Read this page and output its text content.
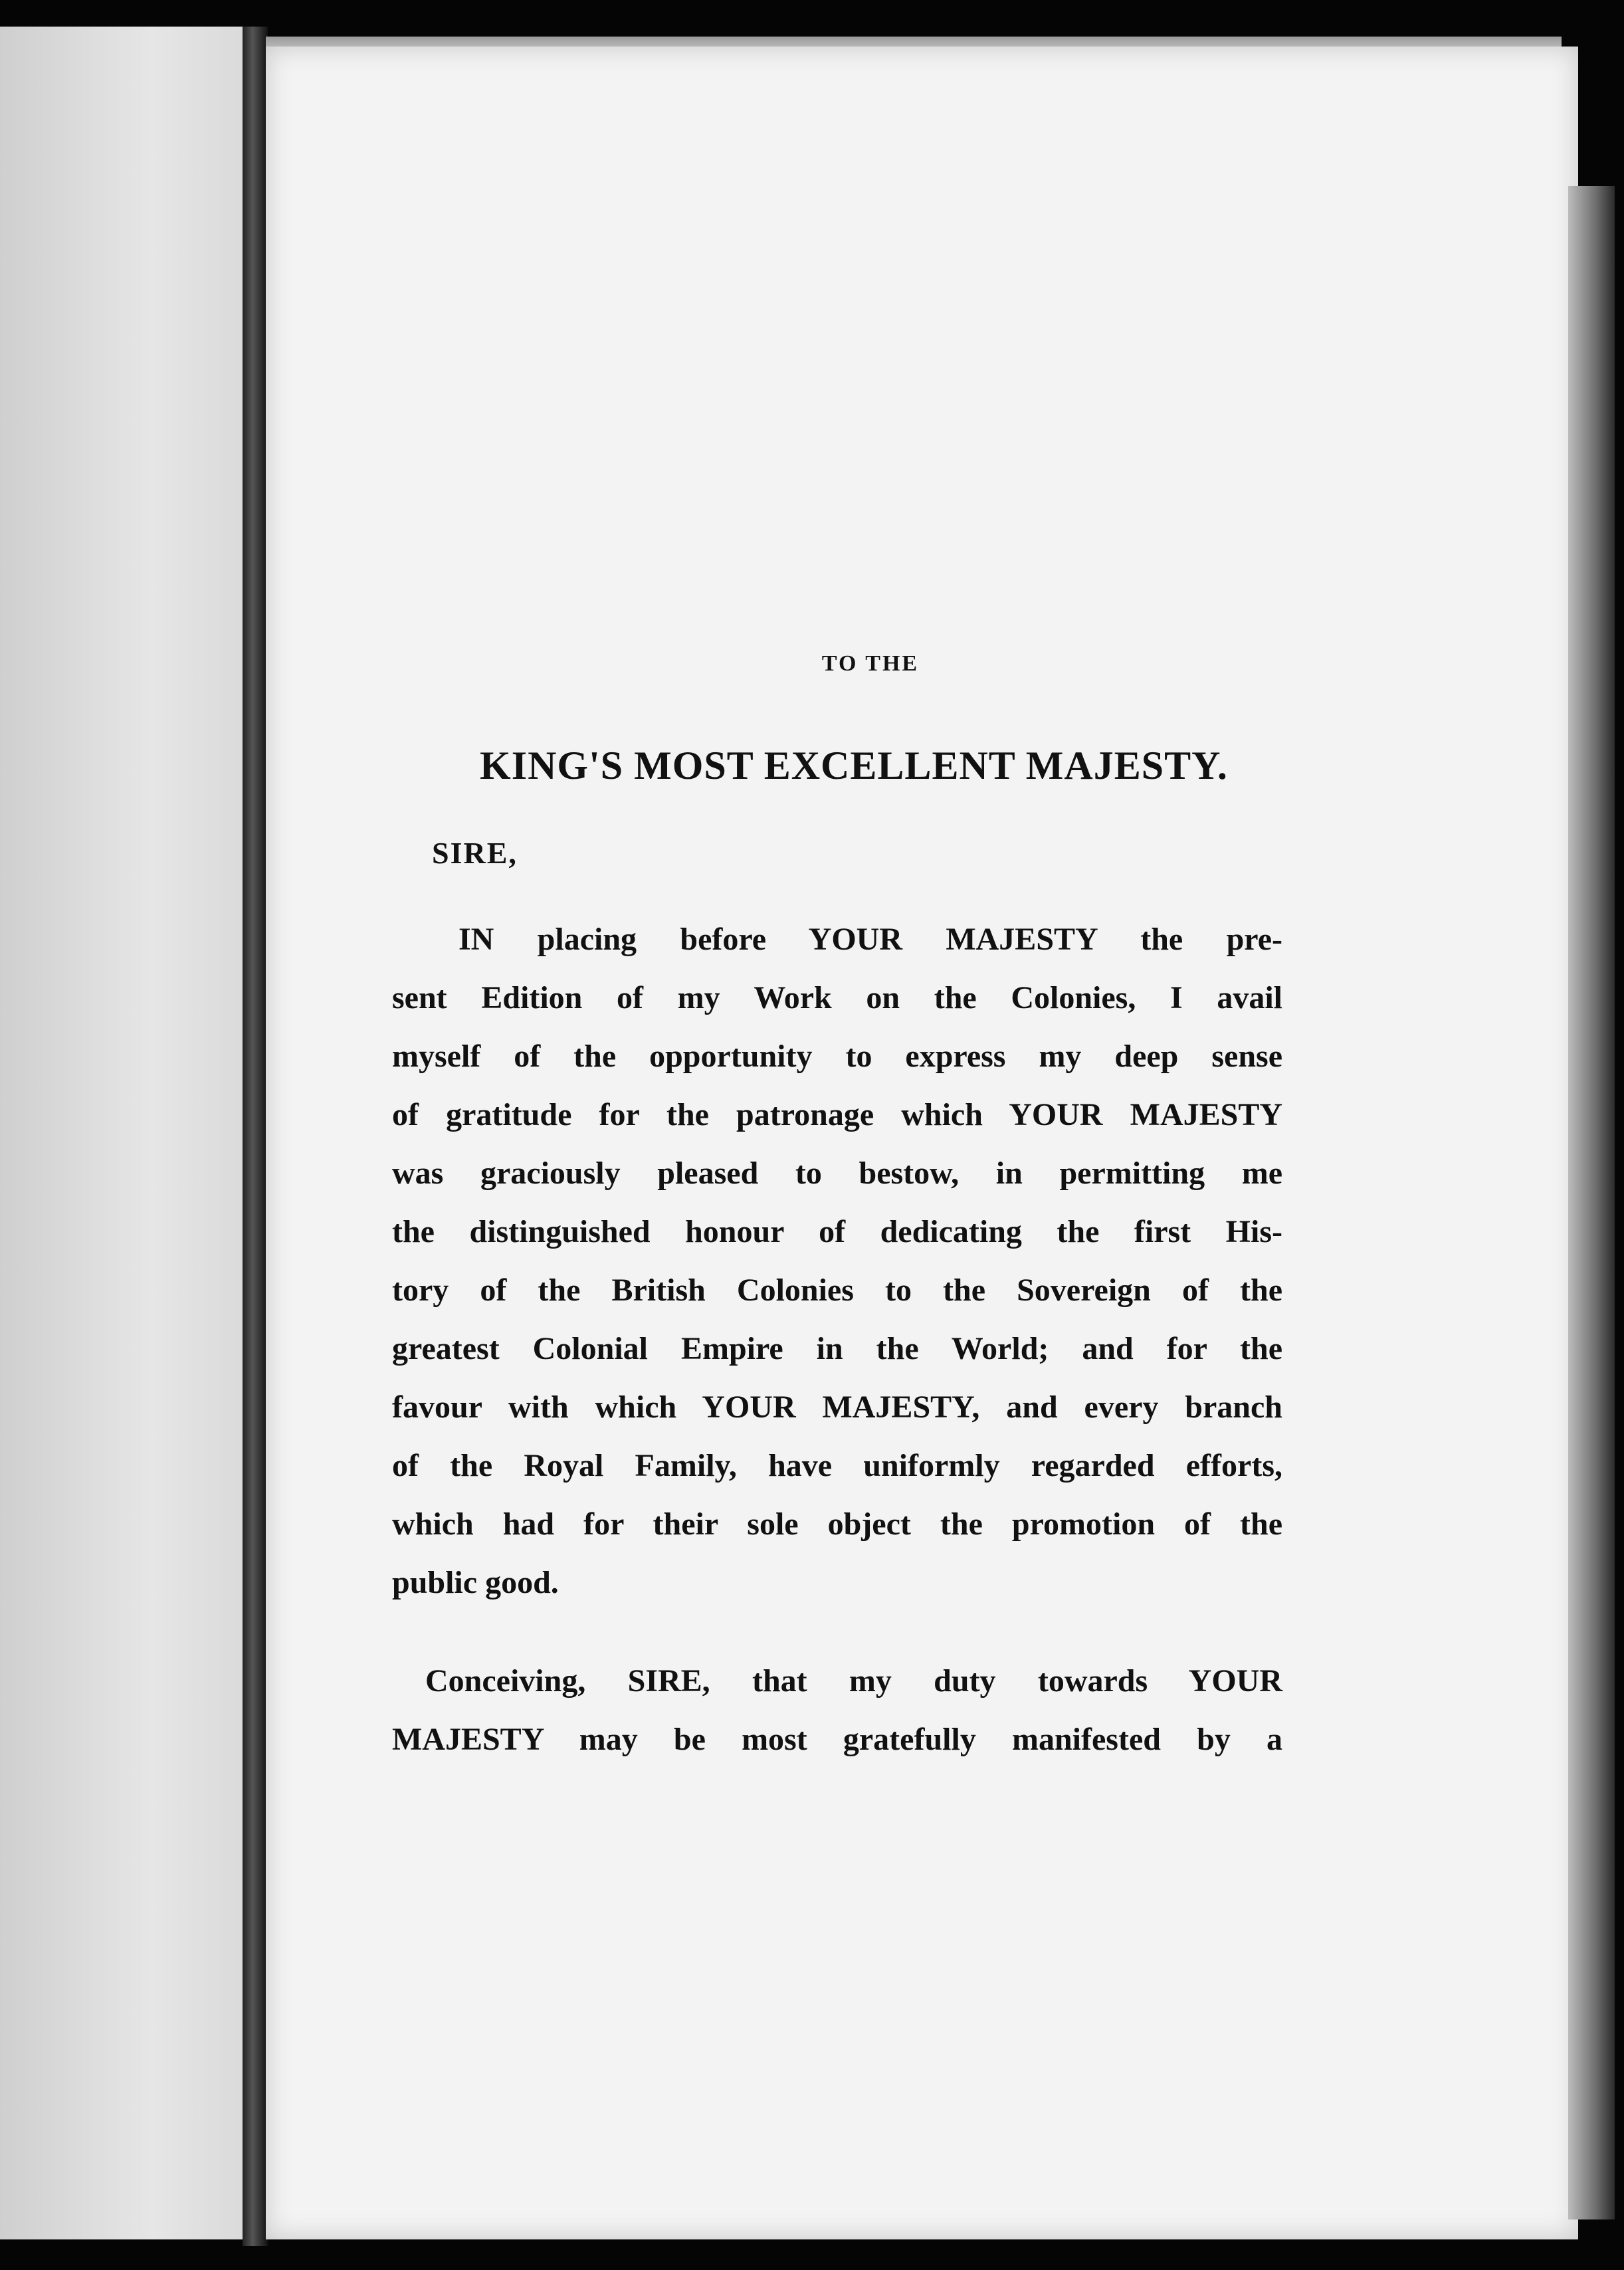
TO THE
KING'S MOST EXCELLENT MAJESTY.
SIRE,
IN placing before YOUR MAJESTY the pre-
sent Edition of my Work on the Colonies, I avail
myself of the opportunity to express my deep sense
of gratitude for the patronage which YOUR MAJESTY
was graciously pleased to bestow, in permitting me
the distinguished honour of dedicating the first His-
tory of the British Colonies to the Sovereign of the
greatest Colonial Empire in the World; and for the
favour with which YOUR MAJESTY, and every branch
of the Royal Family, have uniformly regarded efforts,
which had for their sole object the promotion of the
public good.
Conceiving, SIRE, that my duty towards YOUR
MAJESTY may be most gratefully manifested by a
